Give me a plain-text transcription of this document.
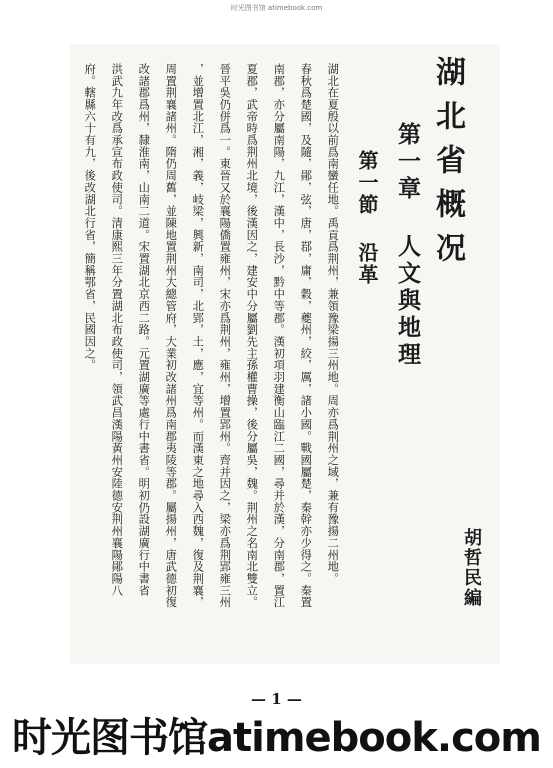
时光图书馆 atimebook.com
湖北省概况
第一章 人文與地理
第一節 沿革
胡哲民編
湖北在夏殷以前爲南蠻任地。禹貢爲荆州，兼領豫梁揚三州地。周亦爲荆州之域，兼有豫揚二州地。
春秋爲楚國，及隨，鄖，弦，唐，鄀，庸，穀，夔州，絞，厲，諸小國。戰國屬楚，秦幹亦少得之。秦置
南郡，亦分屬南陽，九江，漢中，長沙，黔中等郡。漢初項羽建衡山臨江二國，尋并於漢，分南郡，置江
夏郡，武帝時爲荆州北境，後漢因之，建安中分屬劉先主孫權曹操，後分屬吳，魏。荆州之名南北雙立。
晉平吳仍併爲一。東晉又於襄陽僑置雍州，宋亦爲荆州，雍州，增置郢州。齊并因之，梁亦爲荆郢雍三州
，並增置北江，湘，義，岐梁，興新，南司，北郢，土，應，宜等州。而漢東之地尋入西魏，復及荆襄，
周置荆襄諸州。隋仍周舊，並陳地置荆州大總管府，大業初改諸州爲南郡夷陵等郡。屬揚州，唐武德初復
改諸郡爲州，隸淮南，山南二道。宋置湖北京西二路。元置湖廣等處行中書省。明初仍設湖廣行中書省
洪武九年改爲承宣布政使司。清康熙三年分置湖北布政使司，領武昌漢陽黃州安陸德安荆州襄陽鄖陽八
府。轄縣六十有九，後改湖北行省，簡稱鄂省，民國因之。
— 1 —
时光图书馆atimebook.com
